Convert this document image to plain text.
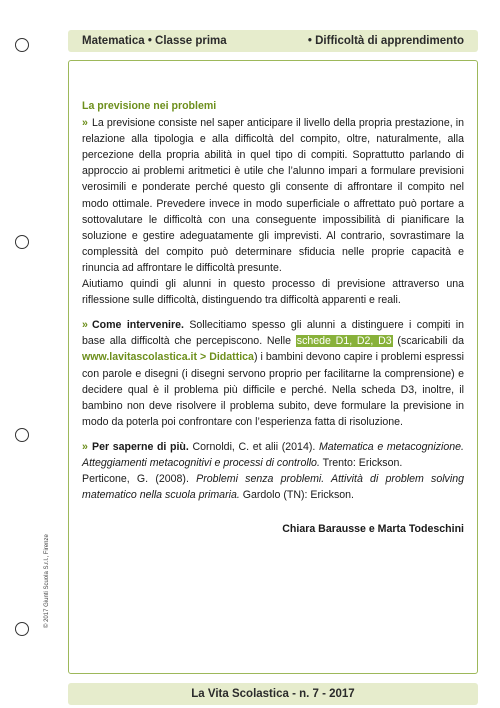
Matematica • Classe prima	• Difficoltà di apprendimento
© 2017 Giunti Scuola S.r.l., Firenze
La previsione nei problemi

» La previsione consiste nel saper anticipare il livello della propria prestazione, in relazione alla tipologia e alla difficoltà del compito, oltre, naturalmente, alla percezione della propria abilità in quel tipo di compiti. Soprattutto parlando di approccio ai problemi aritmetici è utile che l’alunno impari a formulare previsioni verosimili e ponderate perché questo gli consente di affrontare il compito nel modo ottimale. Prevedere invece in modo superficiale o affrettato può portare a sottovalutare le difficoltà con una conseguente impossibilità di pianificare la soluzione e gestire adeguatamente gli imprevisti. Al contrario, sovrastimare la complessità del compito può determinare sfiducia nelle proprie capacità e rinuncia ad affrontare le difficoltà presunte.

Aiutiamo quindi gli alunni in questo processo di previsione attraverso una riflessione sulle difficoltà, distinguendo tra difficoltà apparenti e reali.

» Come intervenire. Sollecitiamo spesso gli alunni a distinguere i compiti in base alla difficoltà che percepiscono. Nelle schede D1, D2, D3 (scaricabili da www.lavitascolastica.it > Didattica) i bambini devono capire i problemi espressi con parole e disegni (i disegni servono proprio per facilitarne la comprensione) e decidere qual è il problema più difficile e perché. Nella scheda D3, inoltre, il bambino non deve risolvere il problema subito, deve formulare la previsione in modo da poterla poi confrontare con l’esperienza fatta di risoluzione.

» Per saperne di più. Cornoldi, C. et alii (2014). Matematica e metacognizione. Atteggiamenti metacognitivi e processi di controllo. Trento: Erickson.

Perticone, G. (2008). Problemi senza problemi. Attività di problem solving matematico nella scuola primaria. Gardolo (TN): Erickson.

Chiara Barausse e Marta Todeschini
La Vita Scolastica - n. 7 - 2017
